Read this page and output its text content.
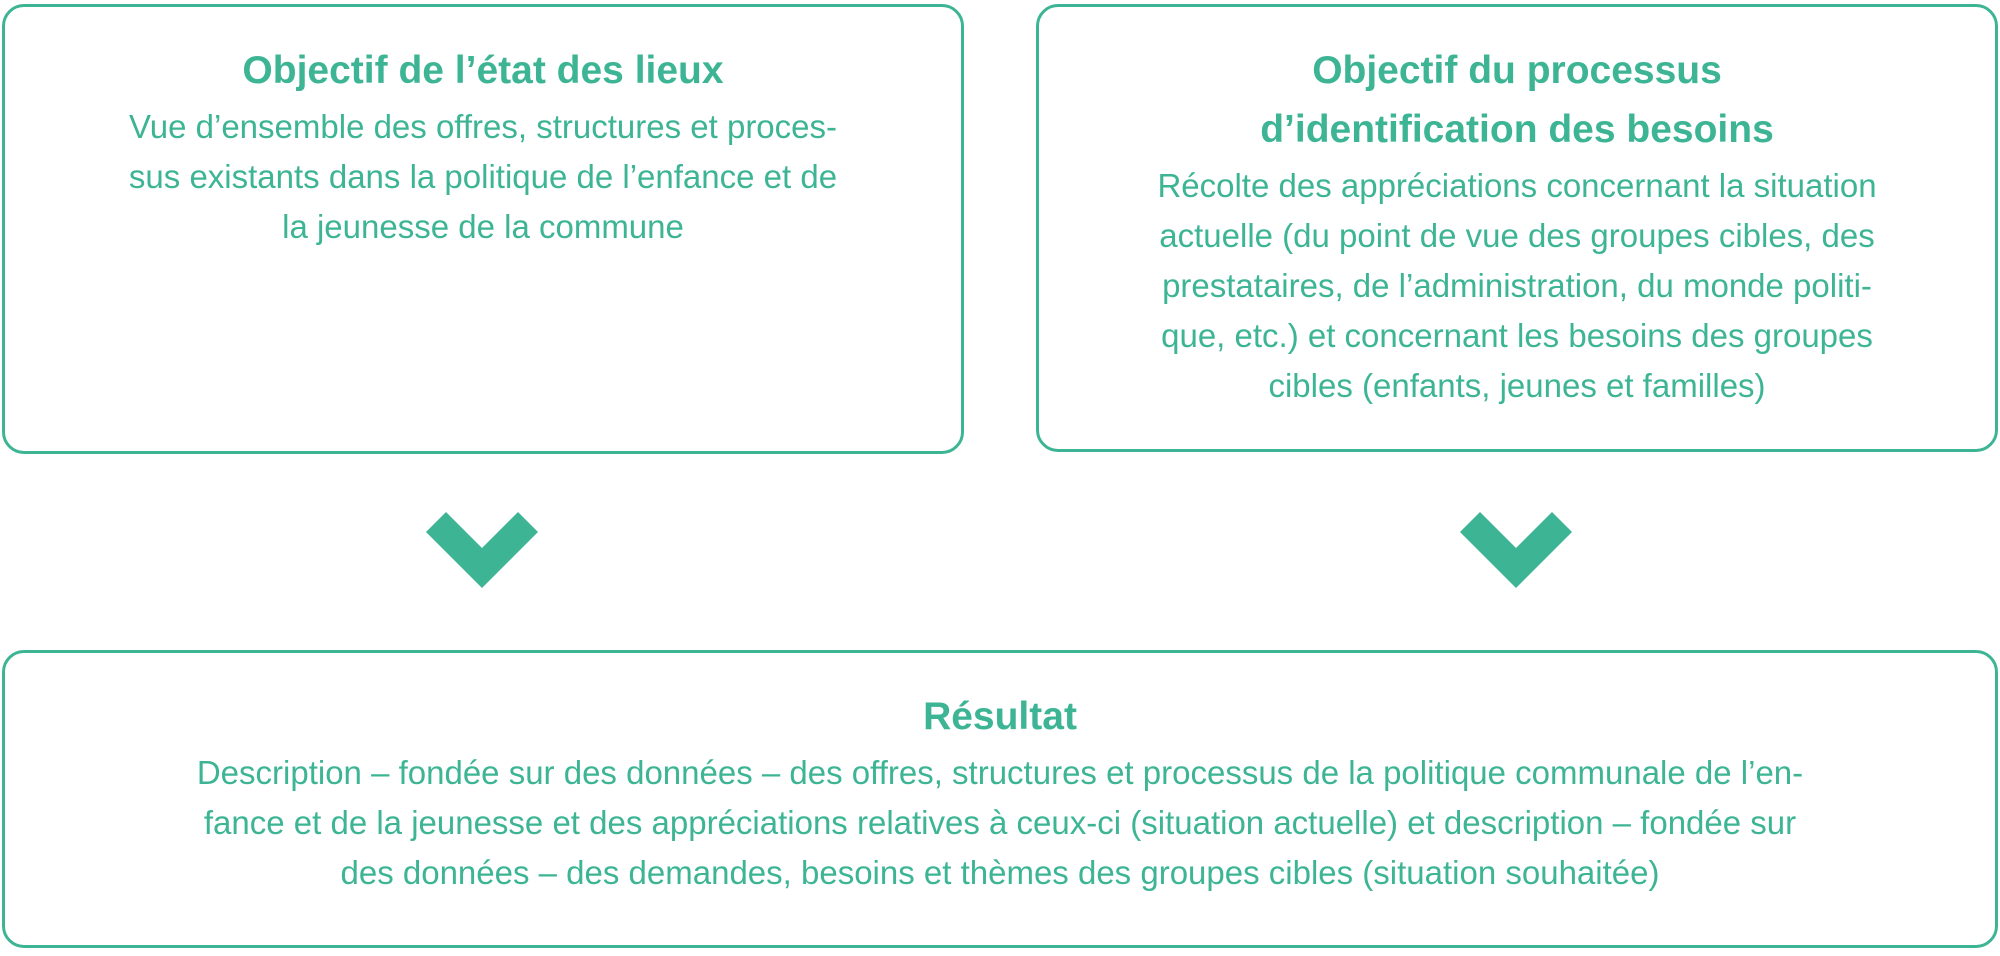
Objectif de l’état des lieux

Vue d’ensemble des offres, structures et proces-
sus existants dans la politique de l’enfance et de
la jeunesse de la commune

Objectif du processus
d’identification des besoins

Récolte des appréciations concernant la situation
actuelle (du point de vue des groupes cibles, des
prestataires, de l’administration, du monde politi-
que, etc.) et concernant les besoins des groupes
cibles (enfants, jeunes et familles)

Résultat

Description – fondée sur des données – des offres, structures et processus de la politique communale de l’en-
fance et de la jeunesse et des appréciations relatives à ceux-ci (situation actuelle) et description – fondée sur
des données – des demandes, besoins et thèmes des groupes cibles (situation souhaitée)
